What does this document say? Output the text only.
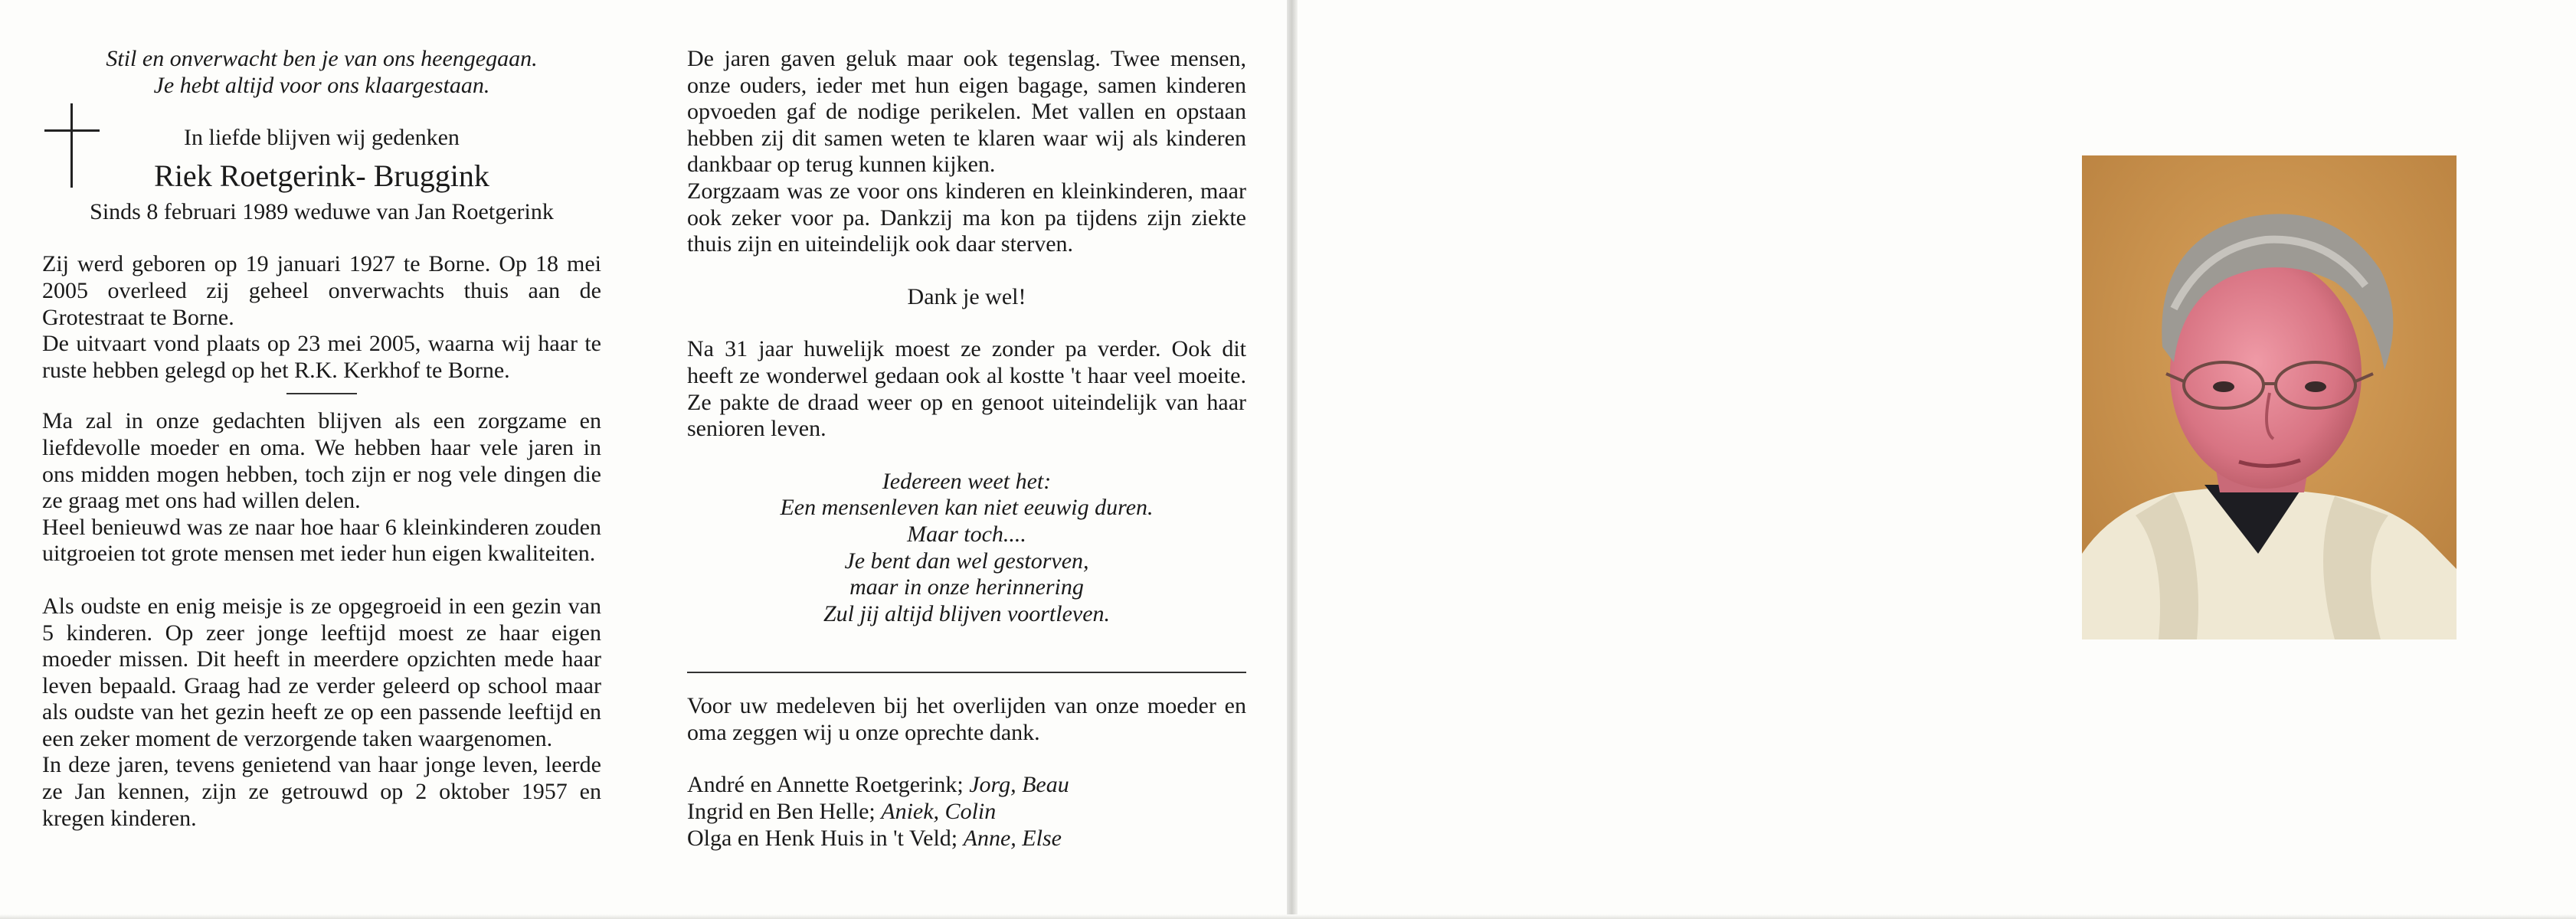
Stil en onverwacht ben je van ons heengegaan.

Je hebt altijd voor ons klaargestaan.

In liefde blijven wij gedenken

Riek Roetgerink- Bruggink

Sinds 8 februari 1989 weduwe van Jan Roetgerink

Zij werd geboren op 19 januari 1927 te Borne. Op 18 mei 2005 overleed zij geheel onverwachts thuis aan de Grotestraat te Borne.

De uitvaart vond plaats op 23 mei 2005, waarna wij haar te ruste hebben gelegd op het R.K. Kerkhof te Borne.

Ma zal in onze gedachten blijven als een zorgzame en liefdevolle moeder en oma. We hebben haar vele jaren in ons midden mogen hebben, toch zijn er nog vele dingen die ze graag met ons had willen delen.

Heel benieuwd was ze naar hoe haar 6 kleinkinderen zouden uitgroeien tot grote mensen met ieder hun eigen kwaliteiten.

Als oudste en enig meisje is ze opgegroeid in een gezin van 5 kinderen. Op zeer jonge leeftijd moest ze haar eigen moeder missen. Dit heeft in meerdere opzichten mede haar leven bepaald. Graag had ze verder geleerd op school maar als oudste van het gezin heeft ze op een passende leeftijd en een zeker moment de verzorgende taken waargenomen.

In deze jaren, tevens genietend van haar jonge leven, leerde ze Jan kennen, zijn ze getrouwd op 2 oktober 1957 en kregen kinderen.

De jaren gaven geluk maar ook tegenslag. Twee mensen, onze ouders, ieder met hun eigen bagage, samen kinderen opvoeden gaf de nodige perikelen. Met vallen en opstaan hebben zij dit samen weten te klaren waar wij als kinderen dankbaar op terug kunnen kijken.

Zorgzaam was ze voor ons kinderen en kleinkinderen, maar ook zeker voor pa. Dankzij ma kon pa tijdens zijn ziekte thuis zijn en uiteindelijk ook daar sterven.

Dank je wel!

Na 31 jaar huwelijk moest ze zonder pa verder. Ook dit heeft ze wonderwel gedaan ook al kostte 't haar veel moeite. Ze pakte de draad weer op en genoot uiteindelijk van haar senioren leven.

Iedereen weet het:

Een mensenleven kan niet eeuwig duren.

Maar toch....

Je bent dan wel gestorven,

maar in onze herinnering

Zul jij altijd blijven voortleven.

Voor uw medeleven bij het overlijden van onze moeder en oma zeggen wij u onze oprechte dank.

André en Annette Roetgerink; Jorg, Beau

Ingrid en Ben Helle; Aniek, Colin

Olga en Henk Huis in 't Veld; Anne, Else
